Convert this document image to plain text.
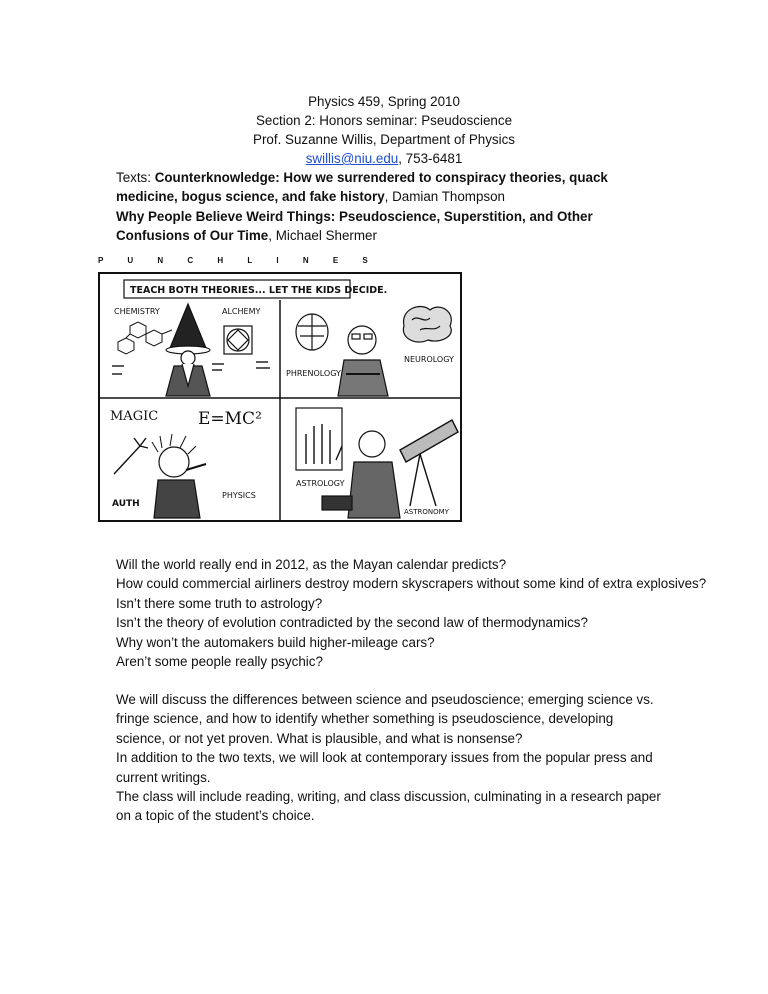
Physics 459, Spring 2010
Section 2: Honors seminar: Pseudoscience
Prof. Suzanne Willis, Department of Physics
swillis@niu.edu, 753-6481
Texts: Counterknowledge: How we surrendered to conspiracy theories, quack medicine, bogus science, and fake history, Damian Thompson
Why People Believe Weird Things: Pseudoscience, Superstition, and Other Confusions of Our Time, Michael Shermer
P U N C H L I N E S
TEACH BOTH THEORIES... LET THE KIDS DECIDE.
CHEMISTRY	ALCHEMY
PHRENOLOGY
NEUROLOGY
MAGIC E=MC²
AUTH
PHYSICS
ASTROLOGY
ASTRONOMY
Will the world really end in 2012, as the Mayan calendar predicts?
How could commercial airliners destroy modern skyscrapers without some kind of extra explosives?
Isn’t there some truth to astrology?
Isn’t the theory of evolution contradicted by the second law of thermodynamics?
Why won’t the automakers build higher-mileage cars?
Aren’t some people really psychic?
We will discuss the differences between science and pseudoscience; emerging science vs. fringe science, and how to identify whether something is pseudoscience, developing science, or not yet proven. What is plausible, and what is nonsense?
In addition to the two texts, we will look at contemporary issues from the popular press and current writings.
The class will include reading, writing, and class discussion, culminating in a research paper on a topic of the student’s choice.
